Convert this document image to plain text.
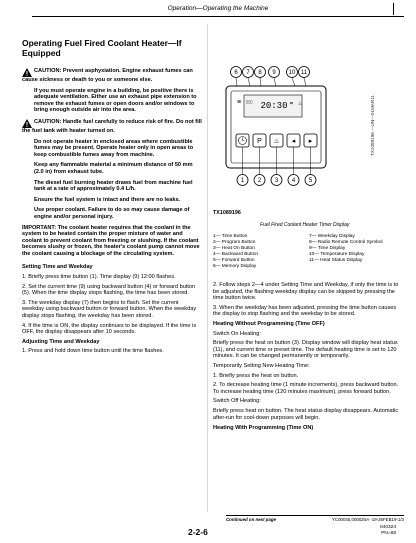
Operation—Operating the Machine
Operating Fuel Fired Coolant Heater—If Equipped
CAUTION: Prevent asphyxiation. Engine exhaust fumes can cause sickness or death to you or someone else.
If you must operate engine in a building, be positive there is adequate ventilation. Either use an exhaust pipe extension to remove the exhaust fumes or open doors and/or windows to bring enough outside air into the area.
CAUTION: Handle fuel carefully to reduce risk of fire. Do not fill the fuel tank with heater turned on.
Do not operate heater in enclosed areas where combustible fumes may be present. Operate heater only in open areas to keep combustible fumes away from machine.
Keep any flammable material a minimum distance of 50 mm (2.0 in) from exhaust tube.
The diesel fuel burning heater draws fuel from machine fuel tank at a rate of approximately 0.4 L/h.
Ensure the fuel system is intact and there are no leaks.
Use proper coolant. Failure to do so may cause damage of engine and/or personal injury.
IMPORTANT: The coolant heater requires that the coolant in the system to be heated contain the proper mixture of water and coolant to prevent coolant from freezing or slushing. If the coolant becomes slushy or frozen, the heater's coolant pump cannot move the coolant causing a blockage of the circulating system.
Setting Time and Weekday

1. Briefly press time button (1). Time display (9) 12:00 flashes.

2. Set the current time (9) using backward button (4) or forward button (5). When the time display stops flashing, the time has been stored.

3. The weekday display (7) then begins to flash. Set the current weekday using backward button or forward button. When the weekday display stops flashing, the weekday has been stored.

4. If the time is ON, the display continues to be displayed. If the time is OFF, the display disappears after 10 seconds.

Adjusting Time and Weekday
1. Press and hold down time button until the time flashes.
6 7 8 9 10 11
≡ ▯▯▯ 20:30 ⌗ ♨
P ♨ ◂ ▸
1 2 3 4 5
TX1089196 —UN—01MAR11
TX1089196
Fuel Fired Coolant Heater Timer Display
1— Time Button
2— Program Button
3— Heat On Button
4— Backward Button
5— Forward Button
6— Memory Display
7— Weekday Display
8— Radio Remote Control Symbol
9— Time Display
10— Temperature Display
11— Heat Status Display

2. Follow steps 2—4 under Setting Time and Weekday, if only the time is to be adjusted, the flashing weekday display can be skipped by pressing the time button twice.

3. When the weekday has been adjusted, pressing the time button causes the display to stop flashing and the weekday to be stored.

Heating Without Programming (Time OFF)
Switch On Heating:
Briefly press the heat on button (3). Display window will display heat status (11), and current time or preset time. The default heating time is set to 120 minutes. It can be changed permanently or temporarily.
Temporarily Setting New Heating Time:

1. Briefly press the heat on button.

2. To decrease heating time (1 minute increments), press backward button. To increase heating time (120 minutes maximum), press forward button.

Switch Off Heating:
Briefly press heat on button. The heat status display disappears. Automatic after-run for cool-down purposes will begin.
Heating With Programming (Time ON)
Continued on next page	YC00045,0000Z6A -19-26FEB19-1/3
2-2-6	040324
PN=68
